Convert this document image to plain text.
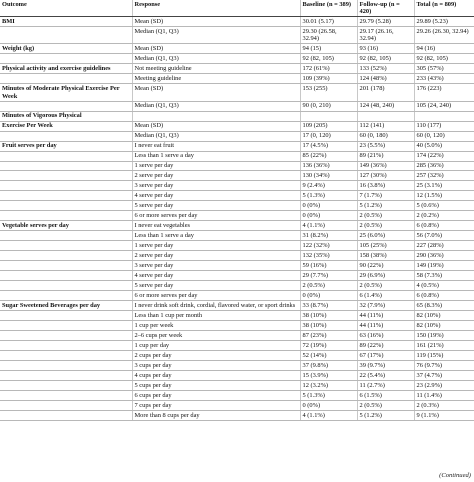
Outcome	Response	Baseline (n = 389)	Follow-up (n = 420)	Total (n = 809)
BMI	Mean (SD)	30.01 (5.17)	29.79 (5.28)	29.89 (5.23)
	Median (Q1, Q3)	29.30 (26.58, 32.94)	29.17 (26.16, 32.94)	29.26 (26.30, 32.94)
Weight (kg)	Mean (SD)	94 (15)	93 (16)	94 (16)
	Median (Q1, Q3)	92 (82, 105)	92 (82, 105)	92 (82, 105)
Physical activity and exercise guidelines	Not meeting guideline	172 (61%)	133 (52%)	305 (57%)
	Meeting guideline	109 (39%)	124 (48%)	233 (43%)
Minutes of Moderate Physical Exercise Per Week	Mean (SD)	153 (255)	201 (178)	176 (223)
	Median (Q1, Q3)	90 (0, 210)	124 (48, 240)	105 (24, 240)
Minutes of Vigorous Physical				
Exercise Per Week	Mean (SD)	109 (205)	112 (141)	110 (177)
	Median (Q1, Q3)	17 (0, 120)	60 (0, 180)	60 (0, 120)
Fruit serves per day	I never eat fruit	17 (4.5%)	23 (5.5%)	40 (5.0%)
	Less than 1 serve a day	85 (22%)	89 (21%)	174 (22%)
	1 serve per day	136 (36%)	149 (36%)	285 (36%)
	2 serve per day	130 (34%)	127 (30%)	257 (32%)
	3 serve per day	9 (2.4%)	16 (3.8%)	25 (3.1%)
	4 serve per day	5 (1.3%)	7 (1.7%)	12 (1.5%)
	5 serve per day	0 (0%)	5 (1.2%)	5 (0.6%)
	6 or more serves per day	0 (0%)	2 (0.5%)	2 (0.2%)
Vegetable serves per day	I never eat vegetables	4 (1.1%)	2 (0.5%)	6 (0.8%)
	Less than 1 serve a day	31 (8.2%)	25 (6.0%)	56 (7.0%)
	1 serve per day	122 (32%)	105 (25%)	227 (28%)
	2 serve per day	132 (35%)	158 (38%)	290 (36%)
	3 serve per day	59 (16%)	90 (22%)	149 (19%)
	4 serve per day	29 (7.7%)	29 (6.9%)	58 (7.3%)
	5 serve per day	2 (0.5%)	2 (0.5%)	4 (0.5%)
	6 or more serves per day	0 (0%)	6 (1.4%)	6 (0.8%)
Sugar Sweetened Beverages per day	I never drink soft drink, cordial, flavored water, or sport drinks	33 (8.7%)	32 (7.9%)	65 (8.3%)
	Less than 1 cup per month	38 (10%)	44 (11%)	82 (10%)
	1 cup per week	38 (10%)	44 (11%)	82 (10%)
	2–6 cups per week	87 (23%)	63 (16%)	150 (19%)
	1 cup per day	72 (19%)	89 (22%)	161 (21%)
	2 cups per day	52 (14%)	67 (17%)	119 (15%)
	3 cups per day	37 (9.8%)	39 (9.7%)	76 (9.7%)
	4 cups per day	15 (3.9%)	22 (5.4%)	37 (4.7%)
	5 cups per day	12 (3.2%)	11 (2.7%)	23 (2.9%)
	6 cups per day	5 (1.3%)	6 (1.5%)	11 (1.4%)
	7 cups per day	0 (0%)	2 (0.5%)	2 (0.3%)
	More than 8 cups per day	4 (1.1%)	5 (1.2%)	9 (1.1%)
(Continued)
